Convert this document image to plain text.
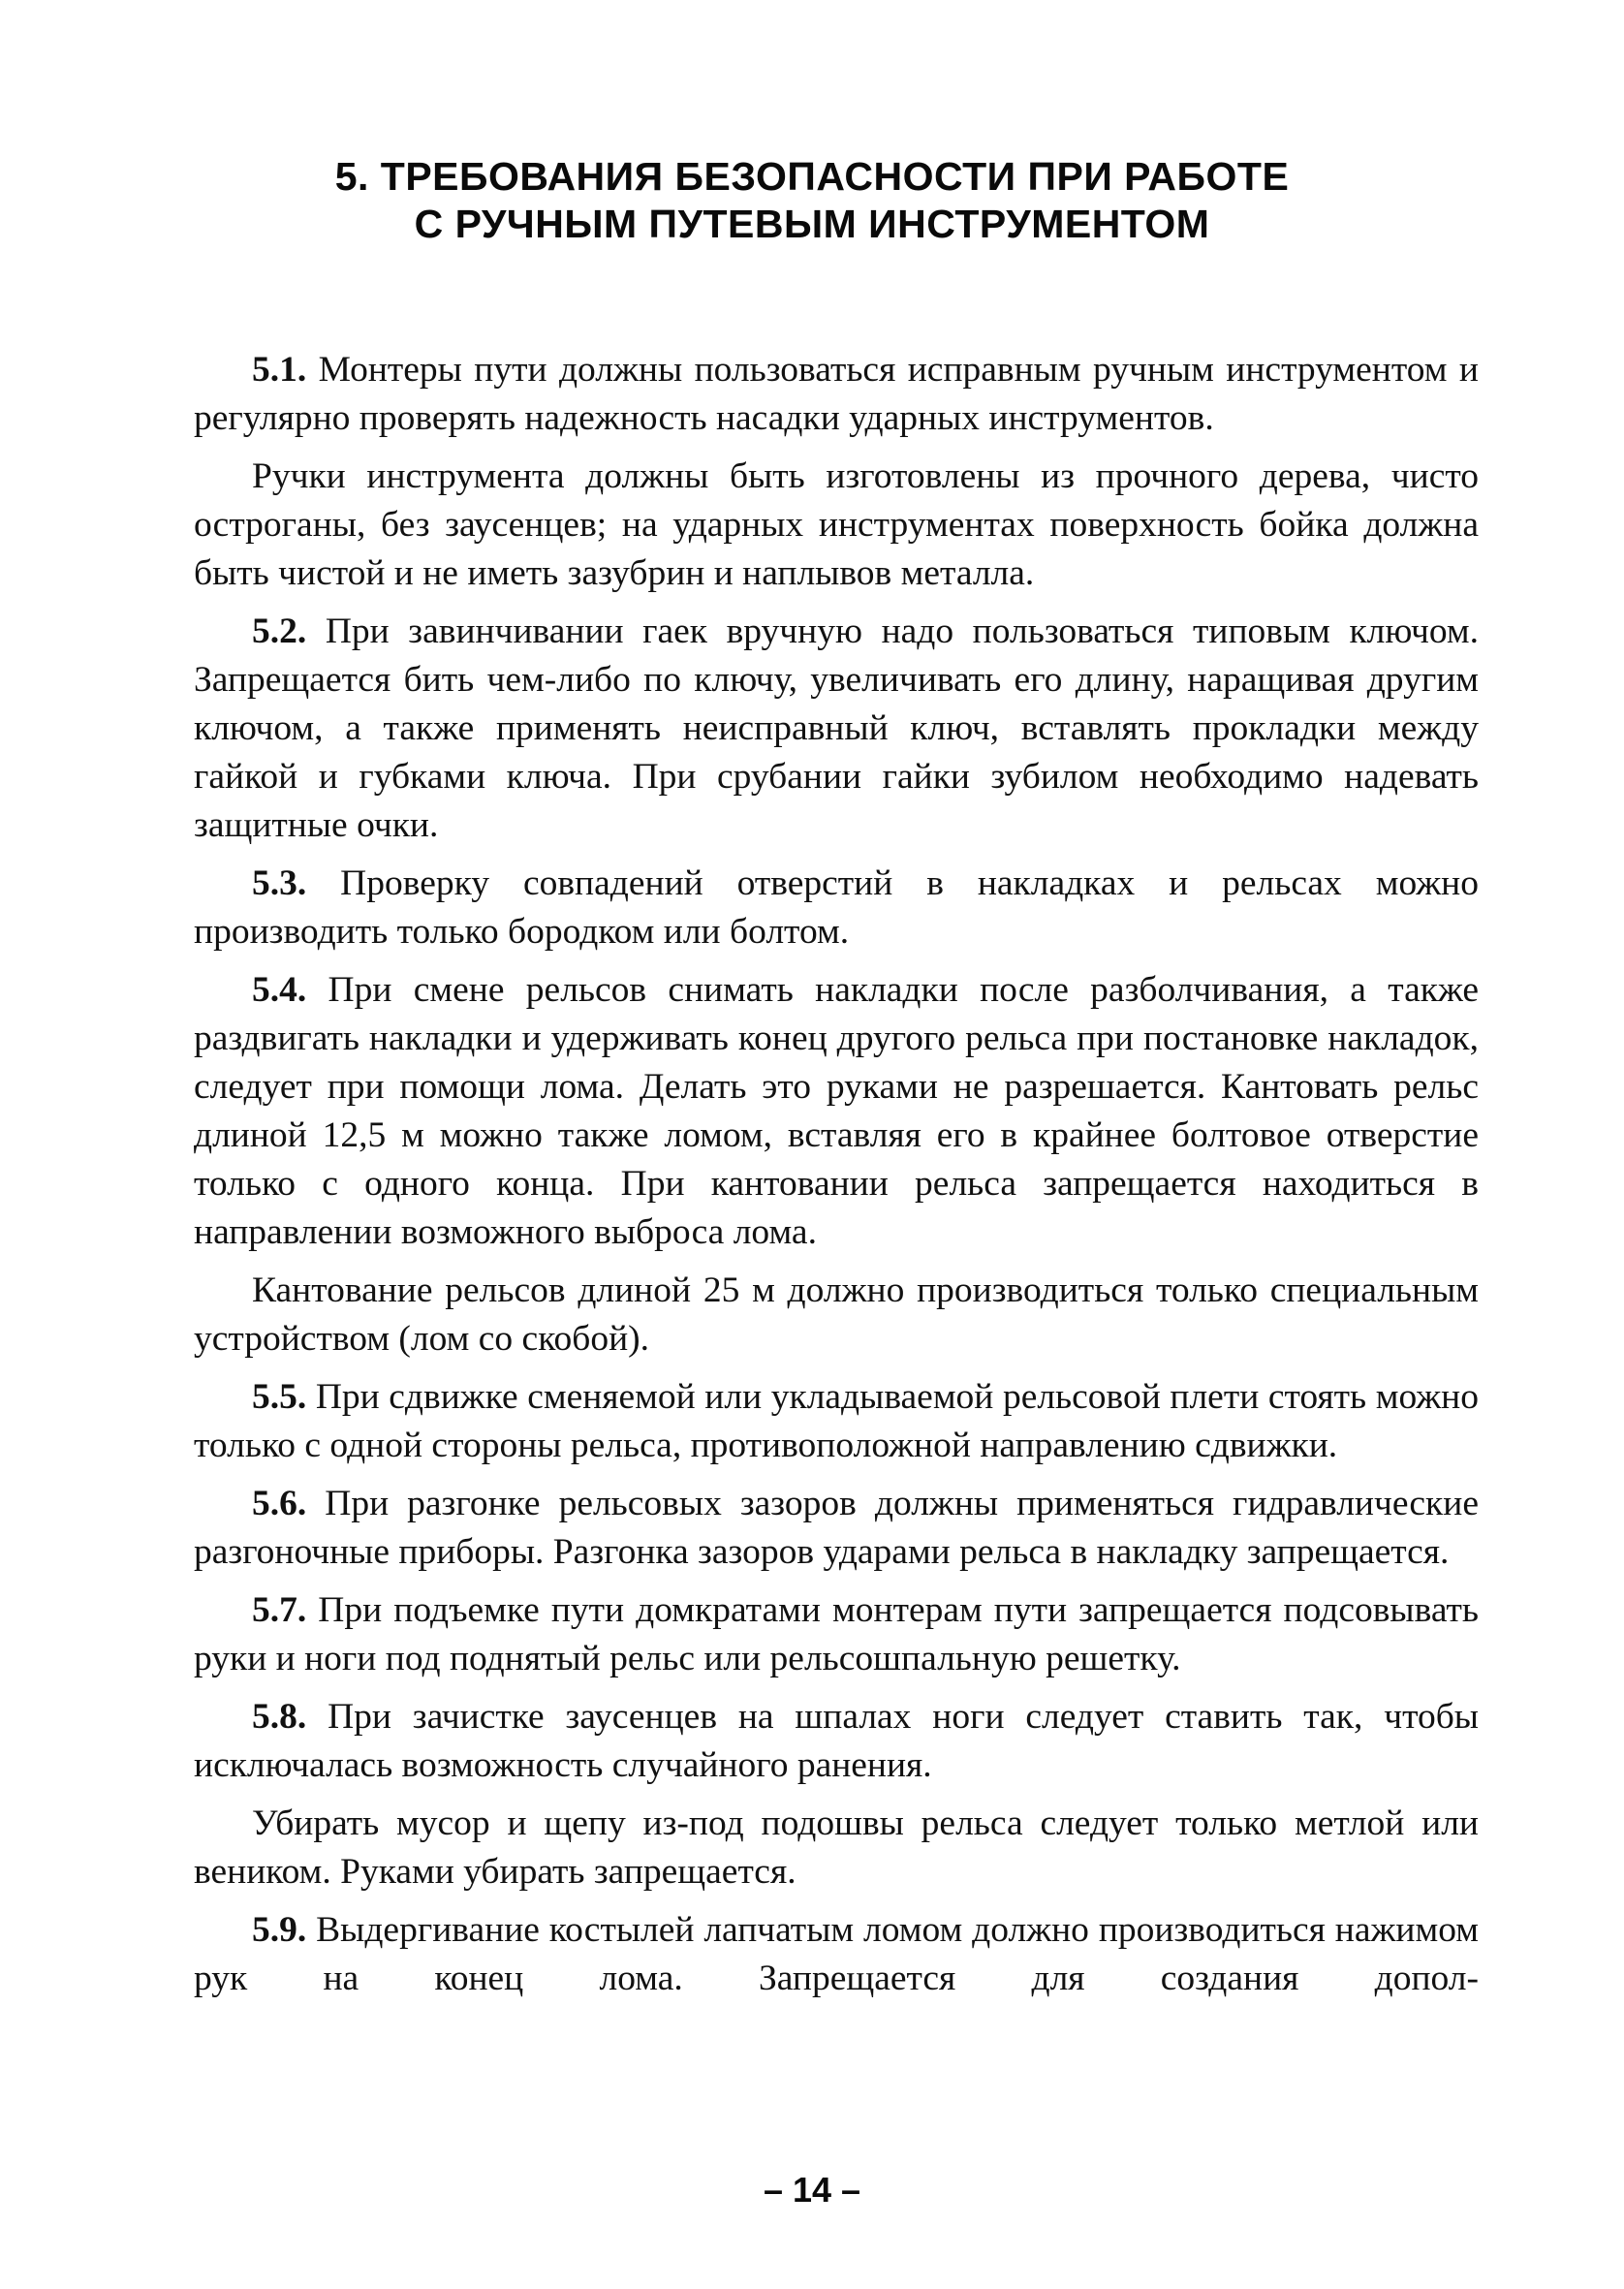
5. ТРЕБОВАНИЯ БЕЗОПАСНОСТИ ПРИ РАБОТЕ
С РУЧНЫМ ПУТЕВЫМ ИНСТРУМЕНТОМ

5.1. Монтеры пути должны пользоваться исправным ручным инструментом и регулярно проверять надежность насадки ударных инструментов.

Ручки инструмента должны быть изготовлены из прочного дерева, чисто остроганы, без заусенцев; на ударных инструментах поверхность бойка должна быть чистой и не иметь зазубрин и наплывов металла.

5.2. При завинчивании гаек вручную надо пользоваться типовым ключом. Запрещается бить чем-либо по ключу, увеличивать его длину, наращивая другим ключом, а также применять неисправный ключ, вставлять прокладки между гайкой и губками ключа. При срубании гайки зубилом необходимо надевать защитные очки.

5.3. Проверку совпадений отверстий в накладках и рельсах можно производить только бородком или болтом.

5.4. При смене рельсов снимать накладки после разболчивания, а также раздвигать накладки и удерживать конец другого рельса при постановке накладок, следует при помощи лома. Делать это руками не разрешается. Кантовать рельс длиной 12,5 м можно также ломом, вставляя его в крайнее болтовое отверстие только с одного конца. При кантовании рельса запрещается находиться в направлении возможного выброса лома.

Кантование рельсов длиной 25 м должно производиться только специальным устройством (лом со скобой).

5.5. При сдвижке сменяемой или укладываемой рельсовой плети стоять можно только с одной стороны рельса, противоположной направлению сдвижки.

5.6. При разгонке рельсовых зазоров должны применяться гидравлические разгоночные приборы. Разгонка зазоров ударами рельса в накладку запрещается.

5.7. При подъемке пути домкратами монтерам пути запрещается подсовывать руки и ноги под поднятый рельс или рельсошпальную решетку.

5.8. При зачистке заусенцев на шпалах ноги следует ставить так, чтобы исключалась возможность случайного ранения.

Убирать мусор и щепу из-под подошвы рельса следует только метлой или веником. Руками убирать запрещается.

5.9. Выдергивание костылей лапчатым ломом должно производиться нажимом рук на конец лома. Запрещается для создания допол-

– 14 –
